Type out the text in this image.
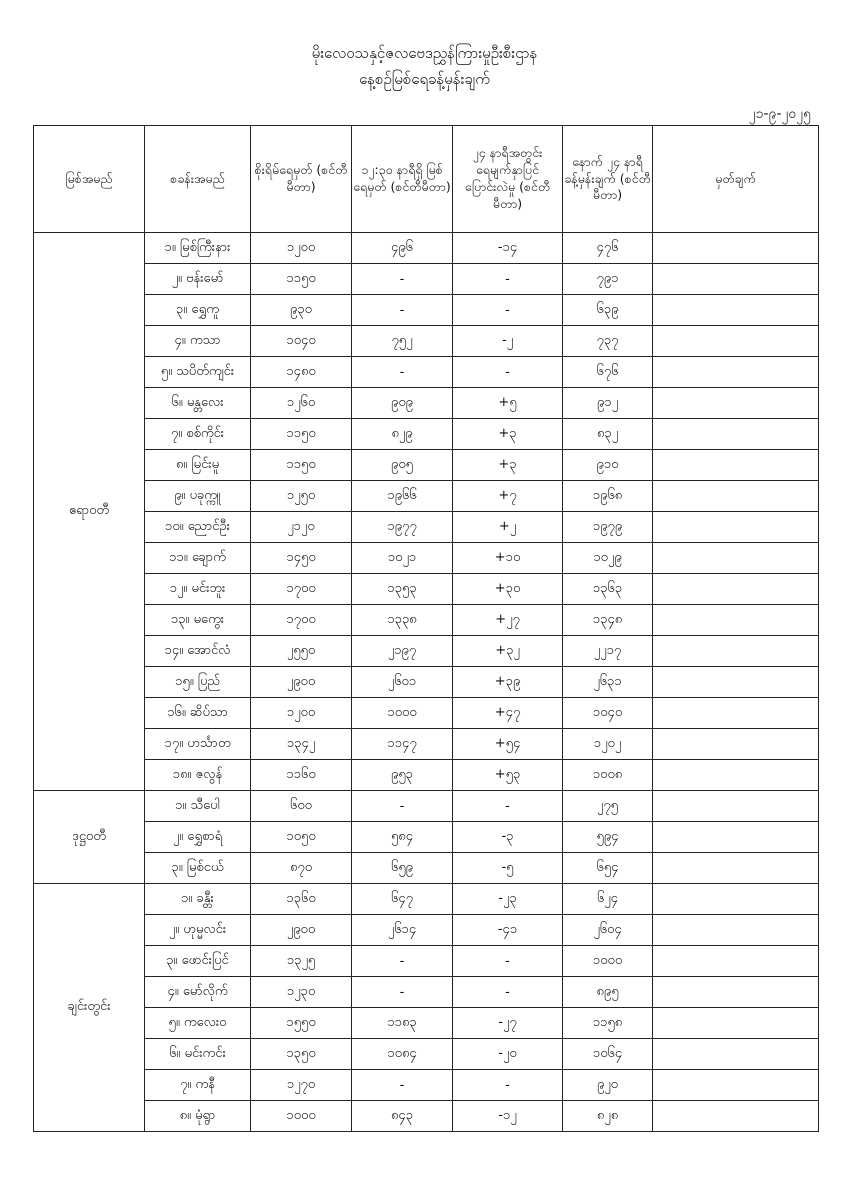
မိုးလေဝသနှင့်ဇလဗေဒညွှန်ကြားမှုဦးစီးဌာန
နေ့စဉ်မြစ်ရေခန့်မှန်းချက်
၂၁-၉-၂၀၂၅
မြစ်အမည်	စခန်းအမည်	စိုးရိမ်ရေမှတ် (စင်တီမီတာ)	၁၂:၃၀ နာရီရှိ မြစ်ရေမှတ် (စင်တီမီတာ)	၂၄ နာရီအတွင်း ရေမျက်နှာပြင် ပြောင်းလဲမှု (စင်တီမီတာ)	နောက် ၂၄ နာရီ ခန့်မှန်းချက် (စင်တီမီတာ)	မှတ်ချက်
ဧရာဝတီ	၁။ မြစ်ကြီးနား	၁၂၀၀	၄၉၆	-၁၄	၄၇၆	
	၂။ ဗန်းမော်	၁၁၅၀	-	-	၇၉၁	
	၃။ ရွှေကူ	၉၃၀	-	-	၆၃၉	
	၄။ ကသာ	၁၀၄၀	၇၅၂	-၂	၇၃၇	
	၅။ သပိတ်ကျင်း	၁၄၈၀	-	-	၆၇၆	
	၆။ မန္တလေး	၁၂၆၀	၉၀၉	+၅	၉၁၂	
	၇။ စစ်ကိုင်း	၁၁၅၀	၈၂၉	+၃	၈၃၂	
	၈။ မြင်းမူ	၁၁၅၀	၉၀၅	+၃	၉၁၀	
	၉။ ပခုက္ကူ	၁၂၅၀	၁၉၆၆	+၇	၁၉၆၈	
	၁၀။ ညောင်ဦး	၂၁၂၀	၁၉၇၇	+၂	၁၉၇၉	
	၁၁။ ချောက်	၁၄၅၀	၁၀၂၁	+၁၀	၁၀၂၉	
	၁၂။ မင်းဘူး	၁၇၀၀	၁၃၅၃	+၃၀	၁၃၆၃	
	၁၃။ မကွေး	၁၇၀၀	၁၃၃၈	+၂၇	၁၃၄၈	
	၁၄။ အောင်လံ	၂၅၅၀	၂၁၉၇	+၃၂	၂၂၁၇	
	၁၅။ ပြည်	၂၉၀၀	၂၆၀၁	+၃၉	၂၆၃၁	
	၁၆။ ဆိပ်သာ	၁၂၀၀	၁၀၀၀	+၄၇	၁၀၄၀	
	၁၇။ ဟင်္သာတ	၁၃၄၂	၁၁၄၇	+၅၄	၁၂၀၂	
	၁၈။ ဇလွန်	၁၁၆၀	၉၅၃	+၅၃	၁၀၀၈	
ဒုဋ္ဌဝတီ	၁။ သီပေါ	၆၀၀	-	-	၂၇၅	
	၂။ ရွှေစာရံ	၁၀၅၀	၅၈၄	-၃	၅၉၄	
	၃။ မြစ်ငယ်	၈၇၀	၆၅၉	-၅	၆၅၄	
ချင်းတွင်း	၁။ ခန္တီး	၁၃၆၀	၆၄၇	-၂၃	၆၂၄	
	၂။ ဟုမ္မလင်း	၂၉၀၀	၂၆၁၄	-၄၁	၂၆၀၄	
	၃။ ဖောင်းပြင်	၁၃၂၅	-	-	၁၀၀၀	
	၄။ မော်လိုက်	၁၂၃၀	-	-	၈၉၅	
	၅။ ကလေးဝ	၁၅၅၀	၁၁၈၃	-၂၇	၁၁၅၈	
	၆။ မင်းကင်း	၁၃၅၀	၁၀၈၄	-၂၀	၁၀၆၄	
	၇။ ကနီ	၁၂၇၀	-	-	၉၂၀	
	၈။ မုံရွာ	၁၀၀၀	၈၄၃	-၁၂	၈၂၈	
